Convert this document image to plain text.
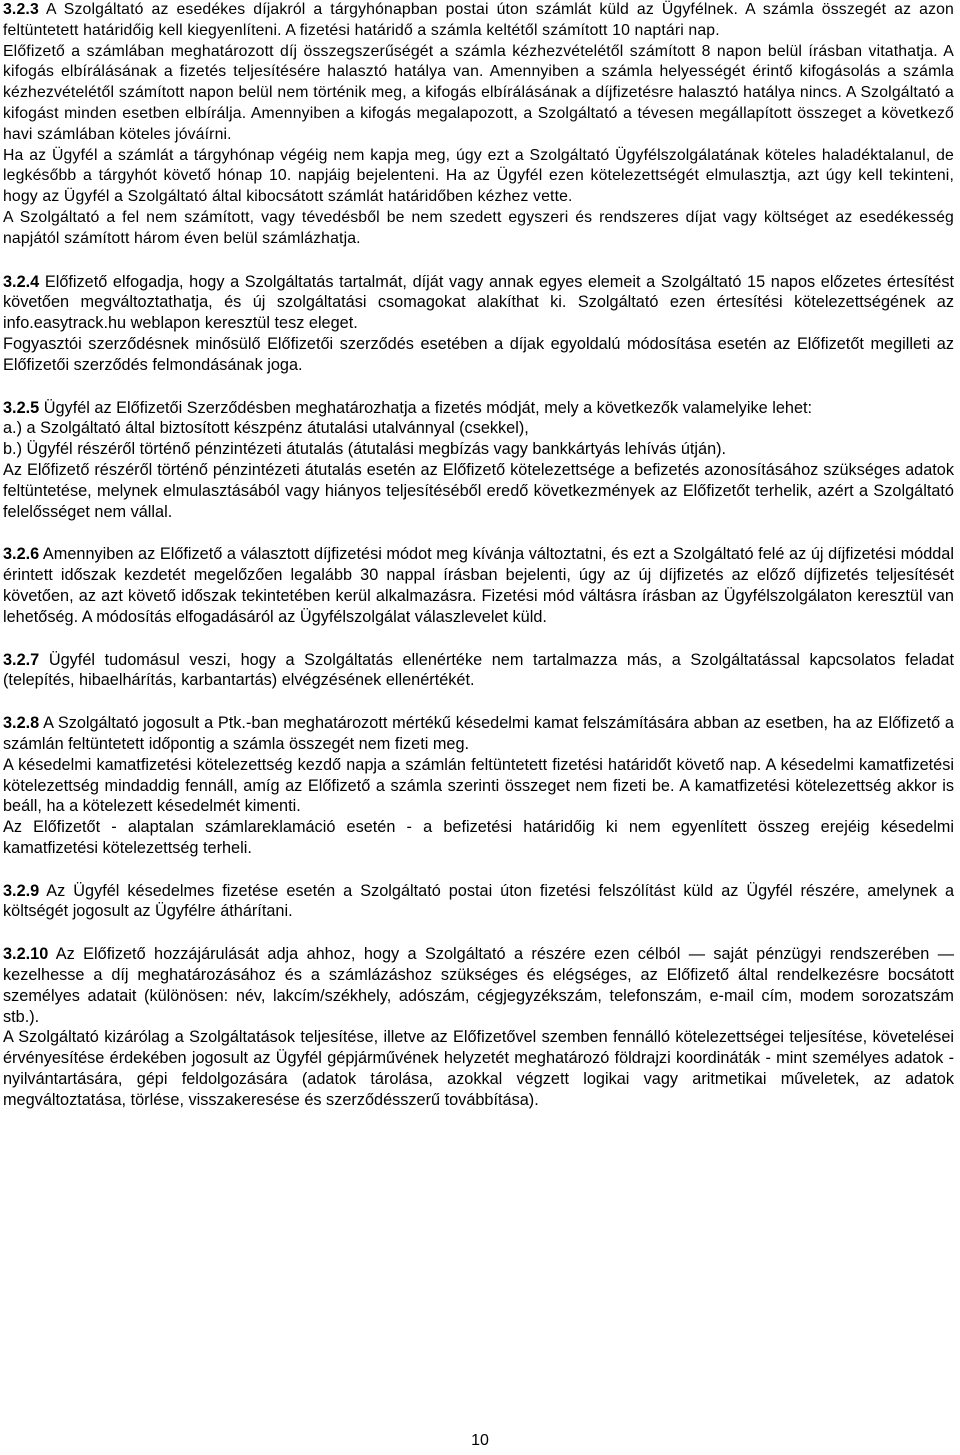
3.2.3 A Szolgáltató az esedékes díjakról a tárgyhónapban postai úton számlát küld az Ügyfélnek. A számla összegét az azon feltüntetett határidőig kell kiegyenlíteni. A fizetési határidő a számla keltétől számított 10 naptári nap.

Előfizető a számlában meghatározott díj összegszerűségét a számla kézhezvételétől számított 8 napon belül írásban vitathatja. A kifogás elbírálásának a fizetés teljesítésére halasztó hatálya van. Amennyiben a számla helyességét érintő kifogásolás a számla kézhezvételétől számított napon belül nem történik meg, a kifogás elbírálásának a díjfizetésre halasztó hatálya nincs. A Szolgáltató a kifogást minden esetben elbírálja. Amennyiben a kifogás megalapozott, a Szolgáltató a tévesen megállapított összeget a következő havi számlában köteles jóváírni.

Ha az Ügyfél a számlát a tárgyhónap végéig nem kapja meg, úgy ezt a Szolgáltató Ügyfélszolgálatának köteles haladéktalanul, de legkésőbb a tárgyhót követő hónap 10. napjáig bejelenteni. Ha az Ügyfél ezen kötelezettségét elmulasztja, azt úgy kell tekinteni, hogy az Ügyfél a Szolgáltató által kibocsátott számlát határidőben kézhez vette.

A Szolgáltató a fel nem számított, vagy tévedésből be nem szedett egyszeri és rendszeres díjat vagy költséget az esedékesség napjától számított három éven belül számlázhatja.

3.2.4 Előfizető elfogadja, hogy a Szolgáltatás tartalmát, díját vagy annak egyes elemeit a Szolgáltató 15 napos előzetes értesítést követően megváltoztathatja, és új szolgáltatási csomagokat alakíthat ki. Szolgáltató ezen értesítési kötelezettségének az info.easytrack.hu weblapon keresztül tesz eleget.

Fogyasztói szerződésnek minősülő Előfizetői szerződés esetében a díjak egyoldalú módosítása esetén az Előfizetőt megilleti az Előfizetői szerződés felmondásának joga.

3.2.5 Ügyfél az Előfizetői Szerződésben meghatározhatja a fizetés módját, mely a következők valamelyike lehet:

a.) a Szolgáltató által biztosított készpénz átutalási utalvánnyal (csekkel),

b.) Ügyfél részéről történő pénzintézeti átutalás (átutalási megbízás vagy bankkártyás lehívás útján).

Az Előfizető részéről történő pénzintézeti átutalás esetén az Előfizető kötelezettsége a befizetés azonosításához szükséges adatok feltüntetése, melynek elmulasztásából vagy hiányos teljesítéséből eredő következmények az Előfizetőt terhelik, azért a Szolgáltató felelősséget nem vállal.

3.2.6 Amennyiben az Előfizető a választott díjfizetési módot meg kívánja változtatni, és ezt a Szolgáltató felé az új díjfizetési móddal érintett időszak kezdetét megelőzően legalább 30 nappal írásban bejelenti, úgy az új díjfizetés az előző díjfizetés teljesítését követően, az azt követő időszak tekintetében kerül alkalmazásra. Fizetési mód váltásra írásban az Ügyfélszolgálaton keresztül van lehetőség. A módosítás elfogadásáról az Ügyfélszolgálat válaszlevelet küld.

3.2.7 Ügyfél tudomásul veszi, hogy a Szolgáltatás ellenértéke nem tartalmazza más, a Szolgáltatással kapcsolatos feladat (telepítés, hibaelhárítás, karbantartás) elvégzésének ellenértékét.

3.2.8 A Szolgáltató jogosult a Ptk.-ban meghatározott mértékű késedelmi kamat felszámítására abban az esetben, ha az Előfizető a számlán feltüntetett időpontig a számla összegét nem fizeti meg.

A késedelmi kamatfizetési kötelezettség kezdő napja a számlán feltüntetett fizetési határidőt követő nap. A késedelmi kamatfizetési kötelezettség mindaddig fennáll, amíg az Előfizető a számla szerinti összeget nem fizeti be. A kamatfizetési kötelezettség akkor is beáll, ha a kötelezett késedelmét kimenti.

Az Előfizetőt - alaptalan számlareklamáció esetén - a befizetési határidőig ki nem egyenlített összeg erejéig késedelmi kamatfizetési kötelezettség terheli.

3.2.9 Az Ügyfél késedelmes fizetése esetén a Szolgáltató postai úton fizetési felszólítást küld az Ügyfél részére, amelynek a költségét jogosult az Ügyfélre áthárítani.

3.2.10 Az Előfizető hozzájárulását adja ahhoz, hogy a Szolgáltató a részére ezen célból — saját pénzügyi rendszerében — kezelhesse a díj meghatározásához és a számlázáshoz szükséges és elégséges, az Előfizető által rendelkezésre bocsátott személyes adatait (különösen: név, lakcím/székhely, adószám, cégjegyzékszám, telefonszám, e-mail cím, modem sorozatszám stb.).

A Szolgáltató kizárólag a Szolgáltatások teljesítése, illetve az Előfizetővel szemben fennálló kötelezettségei teljesítése, követelései érvényesítése érdekében jogosult az Ügyfél gépjárművének helyzetét meghatározó földrajzi koordináták - mint személyes adatok - nyilvántartására, gépi feldolgozására (adatok tárolása, azokkal végzett logikai vagy aritmetikai műveletek, az adatok megváltoztatása, törlése, visszakeresése és szerződésszerű továbbítása).

10
